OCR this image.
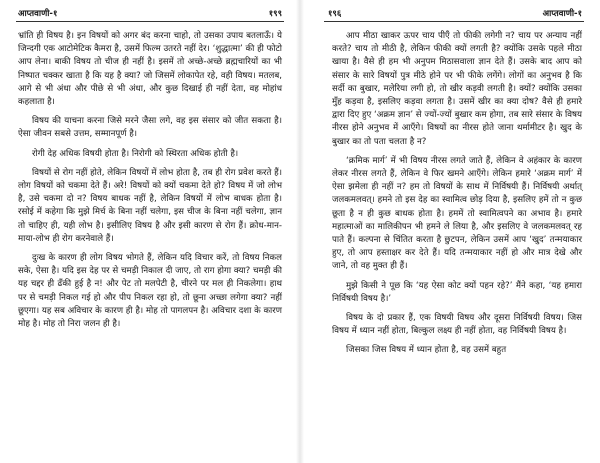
आप्तवाणी-१	१९९

भ्रांति ही विषय है। इन विषयों को अगर बंद करना चाहो, तो उसका उपाय बतलाऊँ। ये जिन्दगी एक आटोमेटिक कैमरा है, उसमें फिल्म उतरते नहीं देर। ‘शुद्धात्मा’ की ही फोटो आप लेना। बाकी विषय तो चीज ही नहीं है। इसमें तो अच्छे-अच्छे ब्रह्मचारियों का भी निष्पात चक्कर खाता है कि यह है क्या? जो जिसमें लोकापेत रहे, वही विषय। मतलब, आगे से भी अंधा और पीछे से भी अंधा, और कुछ दिखाई ही नहीं देता, वह मोहांध कहलाता है।

विषय की याचना करना जिसे मरने जैसा लगे, वह इस संसार को जीत सकता है। ऐसा जीवन सबसे उत्तम, सम्मानपूर्ण है।

रोगी देह अधिक विषयी होता है। निरोगी को स्थिरता अधिक होती है।

विषयों से रोग नहीं होते, लेकिन विषयों में लोभ होता है, तब ही रोग प्रवेश करते हैं। लोग विषयों को चकमा देते हैं। अरे! विषयों को क्यों चकमा देते हो? विषय में जो लोभ है, उसे चकमा दो न? विषय बाधक नहीं है, लेकिन विषयों में लोभ बाधक होता है। रसोई में कहेगा कि मुझे मिर्च के बिना नहीं चलेगा, इस चीज के बिना नहीं चलेगा, ज्ञान तो चाहिए ही, यही लोभ है। इसीलिए विषय है और इसी कारण से रोग हैं। क्रोध-मान-माया-लोभ ही रोग करनेवाले हैं।

दुःख के कारण ही लोग विषय भोगते हैं, लेकिन यदि विचार करें, तो विषय निकल सके, ऐसा है। यदि इस देह पर से चमड़ी निकाल दी जाए, तो राग होगा क्या? चमड़ी की यह चद्दर ही ढँकी हुई है न! और पेट तो मलपेटी है, चीरने पर मल ही निकलेगा। हाथ पर से चमड़ी निकल गई हो और पीप निकल रहा हो, तो छूना अच्छा लगेगा क्या? नहीं छूएगा। यह सब अविचार के कारण ही है। मोह तो पागलपन है। अविचार दशा के कारण मोह है। मोह तो निरा जलन ही है।

१९६	आप्तवाणी-१

आप मीठा खाकर ऊपर चाय पीएँ तो फीकी लगेगी न? चाय पर अन्याय नहीं करते? चाय तो मीठी है, लेकिन फीकी क्यों लगती है? क्योंकि उसके पहले मीठा खाया है। वैसे ही हम भी अनुपम मिठासवाला ज्ञान देते हैं। उसके बाद आप को संसार के सारे विषयों पुत्र मीठे होने पर भी फीके लगेंगे। लोगों का अनुभव है कि सर्दी का बुखार, मलेरिया लगी हो, तो खीर कड़वी लगती है। क्यों? क्योंकि उसका मुँह कड़वा है, इसलिए कड़वा लगता है। उसमें खीर का क्या दोष? वैसे ही हमारे द्वारा दिए हुए ‘अक्रम ज्ञान’ से ज्यों-ज्यों बुखार कम होगा, तब सारे संसार के विषय नीरस होने अनुभव में आएँगे। विषयों का नीरस होते जाना थर्मामीटर है। खुद के बुखार का तो पता चलता है न?

‘क्रमिक मार्ग’ में भी विषय नीरस लगते जाते हैं, लेकिन वे अहंकार के कारण लेकर नीरस लगते हैं, लेकिन वे फिर खमने आएँगे। लेकिन हमारे ‘अक्रम मार्ग’ में ऐसा झमेला ही नहीं न? हम तो विषयों के साथ में निर्विषयी हैं। निर्विषयी अर्थात् जलकमलवत्। हमने तो इस देह का स्वामित्व छोड़ दिया है, इसलिए हमें तो न कुछ छूता है न ही कुछ बाधक होता है। हममें तो स्वामित्वपने का अभाव है। हमारे महात्माओं का मालिकीपन भी हमने ले लिया है, और इसलिए वे जलकमलवत् रह पाते हैं। कल्पना से चिंतित करता है छुटपन, लेकिन उसमें आप ‘खुद’ तन्मयाकार हुए, तो आप हस्ताक्षर कर देते हैं। यदि तन्मयाकार नहीं हो और मात्र देखे और जाने, तो वह मुक्त ही हैं।

मुझे किसी ने पूछ कि ‘यह ऐसा कोट क्यों पहन रहे?’ मैंने कहा, ‘यह हमारा निर्विषयी विषय है।’

विषय के दो प्रकार हैं, एक विषयी विषय और दूसरा निर्विषयी विषय। जिस विषय में ध्यान नहीं होता, बिल्कुल लक्ष्य ही नहीं होता, वह निर्विषयी विषय है।

जिसका जिस विषय में ध्यान होता है, वह उसमें बहुत
